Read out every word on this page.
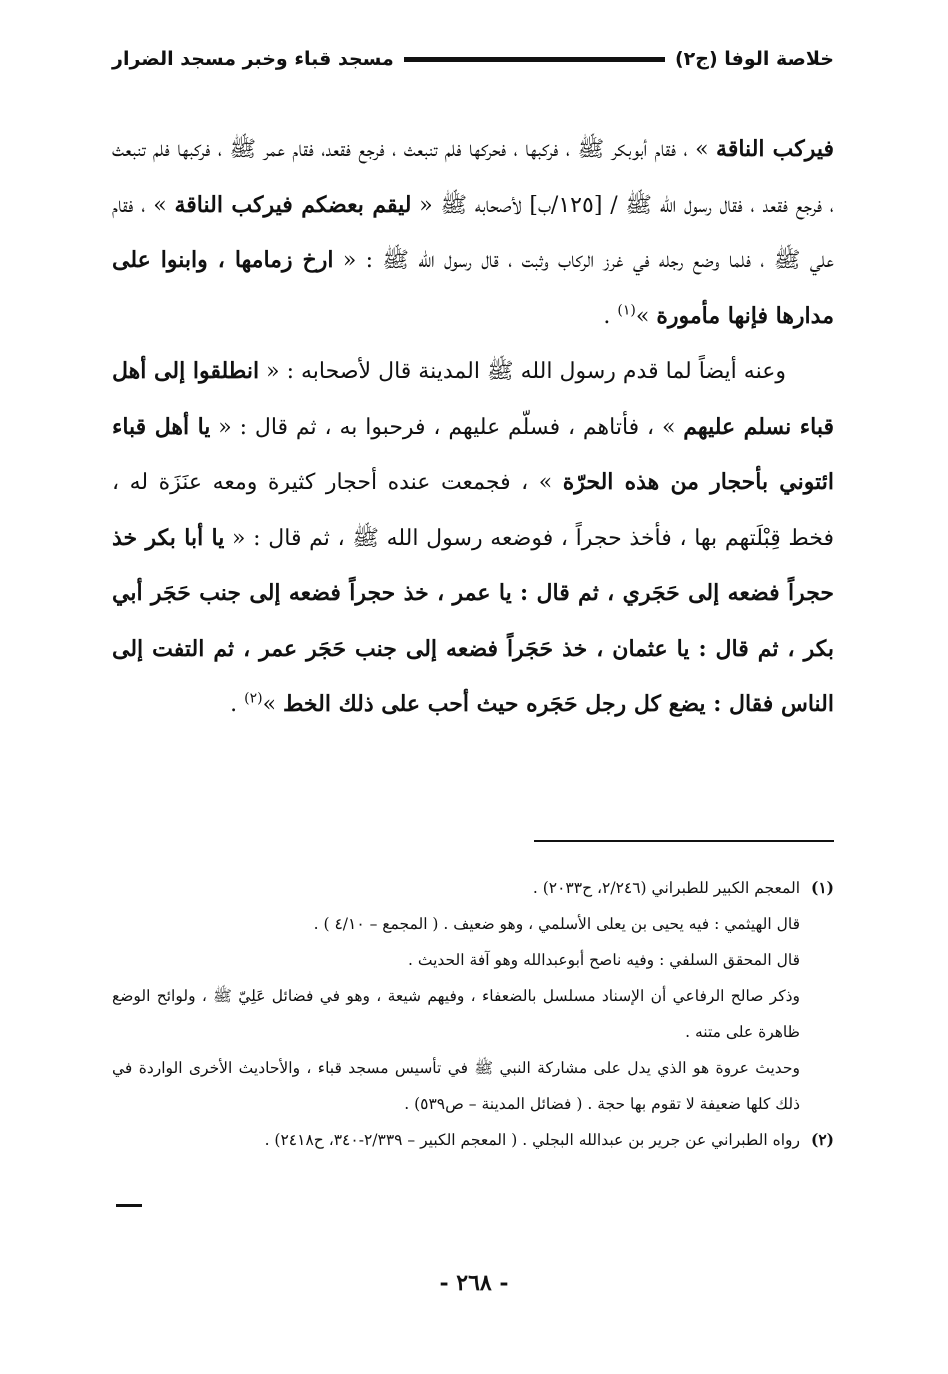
خلاصة الوفا (ج٢)
مسجد قباء وخبر مسجد الضرار

فيركب الناقة » ، فقام أبوبكر ﷺ ، فركبها ، فحركها فلم تنبعث ، فرجع فقعد، فقام عمر ﷺ ، فركبها فلم تنبعث ، فرجع فقعد ، فقال رسول الله ﷺ / [١٢٥/ب] لأصحابه ﷺ « ليقم بعضكم فيركب الناقة » ، فقام علي ﷺ ، فلما وضع رجله في غرز الركاب وثبت ، قال رسول الله ﷺ : « ارخ زمامها ، وابنوا على مدارها فإنها مأمورة »$^{(١)}$ .

وعنه أيضاً لما قدم رسول الله ﷺ المدينة قال لأصحابه : « انطلقوا إلى أهل قباء نسلم عليهم » ، فأتاهم ، فسلّم عليهم ، فرحبوا به ، ثم قال : « يا أهل قباء ائتوني بأحجار من هذه الحرّة » ، فجمعت عنده أحجار كثيرة ومعه عنَزَة له ، فخط قِبْلَتهم بها ، فأخذ حجراً ، فوضعه رسول الله ﷺ ، ثم قال : « يا أبا بكر خذ حجراً فضعه إلى حَجَري ، ثم قال : يا عمر ، خذ حجراً فضعه إلى جنب حَجَر أبي بكر ، ثم قال : يا عثمان ، خذ حَجَراً فضعه إلى جنب حَجَر عمر ، ثم التفت إلى الناس فقال : يضع كل رجل حَجَره حيث أحب على ذلك الخط »$^{(٢)}$ .

(١)المعجم الكبير للطبراني (٢/٢٤٦، ح٢٠٣٣) .
قال الهيثمي : فيه يحيى بن يعلى الأسلمي ، وهو ضعيف . ( المجمع – ٤/١٠ ) .
قال المحقق السلفي : وفيه ناصح أبوعبدالله وهو آفة الحديث .
وذكر صالح الرفاعي أن الإسناد مسلسل بالضعفاء ، وفيهم شيعة ، وهو في فضائل عَلِيّ ﷺ ، ولوائح الوضع ظاهرة على متنه .
وحديث عروة هو الذي يدل على مشاركة النبي ﷺ في تأسيس مسجد قباء ، والأحاديث الأخرى الواردة في ذلك كلها ضعيفة لا تقوم بها حجة . ( فضائل المدينة – ص٥٣٩) .
(٢)رواه الطبراني عن جرير بن عبدالله البجلي . ( المعجم الكبير – ٢/٣٣٩-٣٤٠، ح٢٤١٨) .
- ٢٦٨ -
